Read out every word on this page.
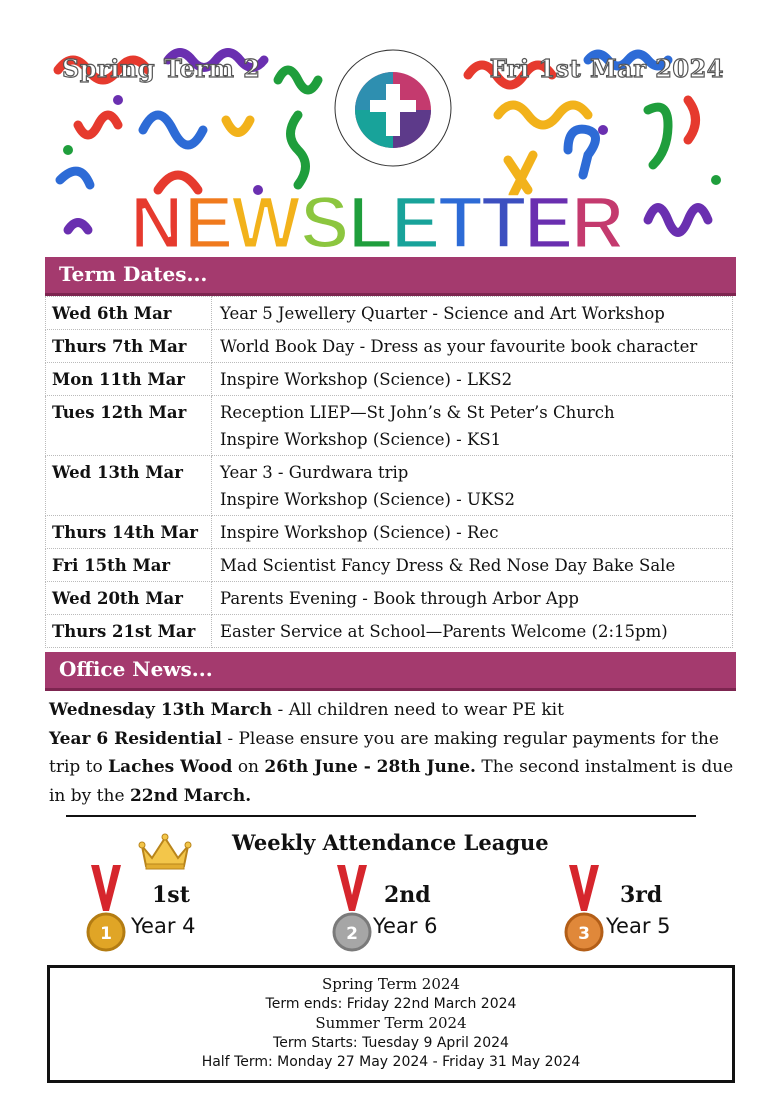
N E
W S
L
E
T
T
E
R
Spring Term 2	Fri 1st Mar 2024
Term Dates...
Wed 6th Mar	Year 5 Jewellery Quarter - Science and Art Workshop

Thurs 7th Mar	World Book Day - Dress as your favourite book character

Mon 11th Mar	Inspire Workshop (Science) - LKS2

Tues 12th Mar	Reception LIEP—St John’s & St Peter’s Church
Inspire Workshop (Science) - KS1

Wed 13th Mar	Year 3 - Gurdwara trip
Inspire Workshop (Science) - UKS2

Thurs 14th Mar	Inspire Workshop (Science) - Rec

Fri 15th Mar	Mad Scientist Fancy Dress & Red Nose Day Bake Sale

Wed 20th Mar	Parents Evening - Book through Arbor App

Thurs 21st Mar	Easter Service at School—Parents Welcome (2:15pm)
Office News...

Wednesday 13th March - All children need to wear PE kit

Year 6 Residential - Please ensure you are making regular payments for the trip to Laches Wood on 26th June - 28th June. The second instalment is due in by the 22nd March.

Weekly Attendance League
1
1st
Year 4	2
2nd
Year 6	3
3rd
Year 5
Spring Term 2024
Term ends: Friday 22nd March 2024
Summer Term 2024
Term Starts: Tuesday 9 April 2024
Half Term: Monday 27 May 2024 - Friday 31 May 2024
